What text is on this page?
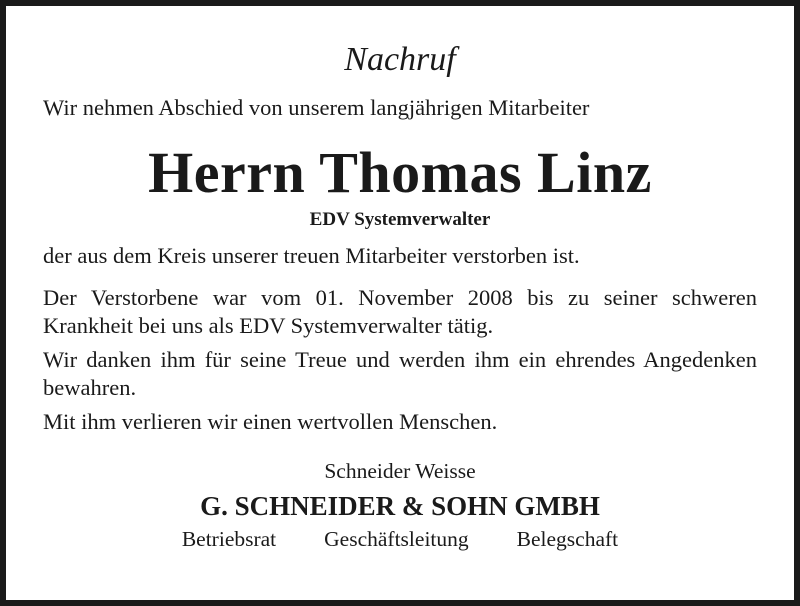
Nachruf
Wir nehmen Abschied von unserem langjährigen Mitarbeiter
Herrn Thomas Linz
EDV Systemverwalter
der aus dem Kreis unserer treuen Mitarbeiter verstorben ist.
Der Verstorbene war vom 01. November 2008 bis zu seiner schweren Krankheit bei uns als EDV Systemverwalter tätig.
Wir danken ihm für seine Treue und werden ihm ein ehrendes Angedenken bewahren.
Mit ihm verlieren wir einen wertvollen Menschen.
Schneider Weisse
G. SCHNEIDER & SOHN GMBH
Betriebsrat Geschäftsleitung Belegschaft
